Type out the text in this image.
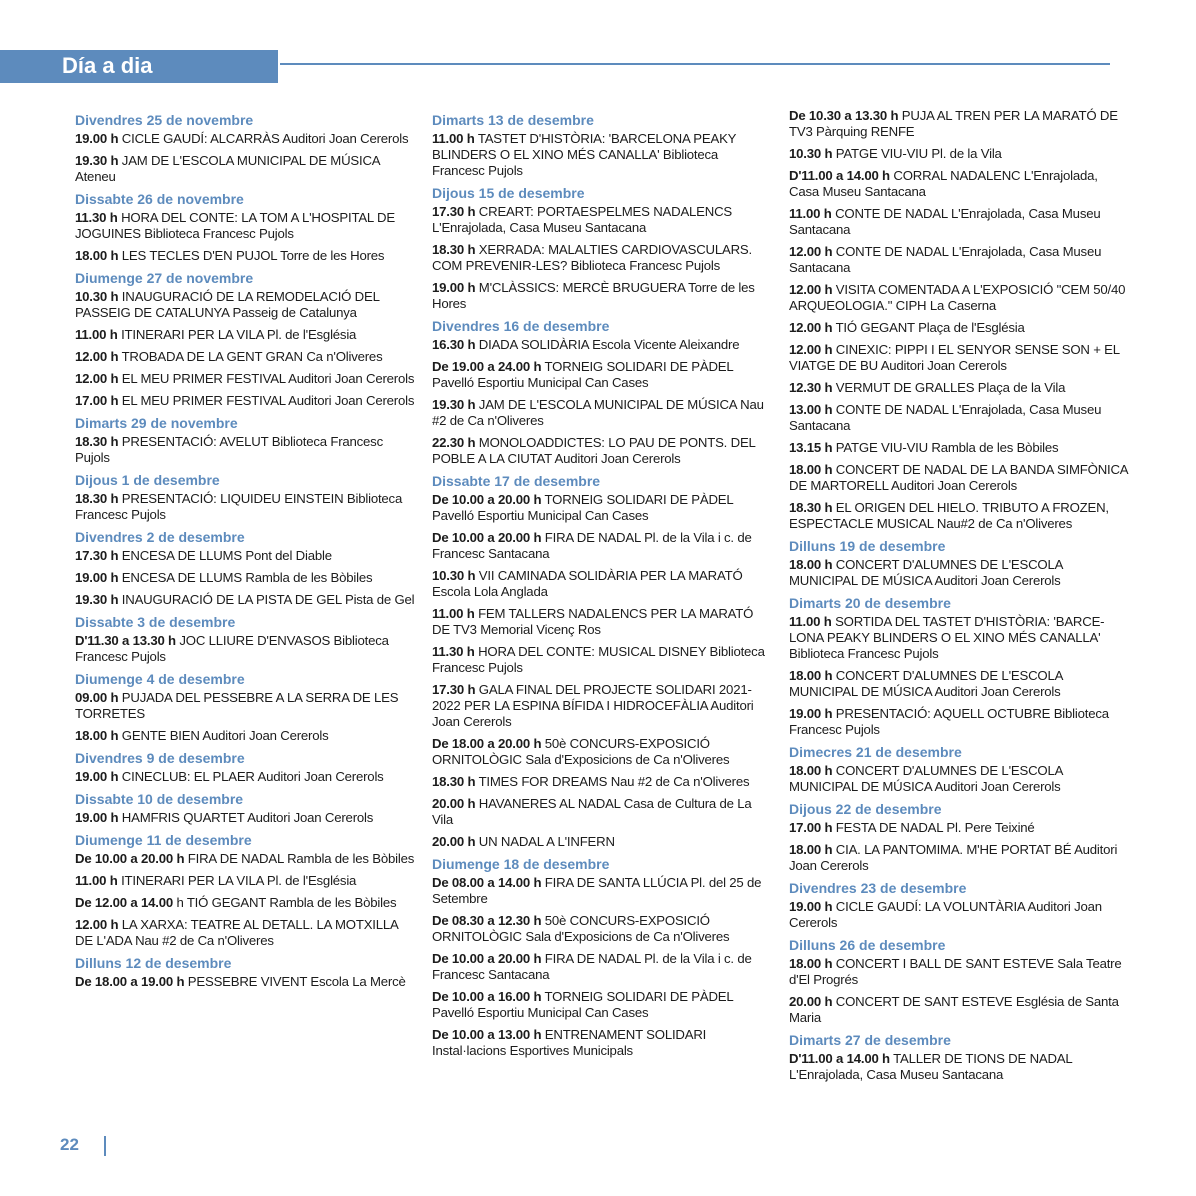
Día a dia
Divendres 25 de novembre
19.00 h CICLE GAUDÍ: ALCARRÀS Auditori Joan Cererols
19.30 h JAM DE L'ESCOLA MUNICIPAL DE MÚSICA Ateneu
Dissabte 26 de novembre
11.30 h HORA DEL CONTE: LA TOM A L'HOSPITAL DE JOGUINES Biblioteca Francesc Pujols
18.00 h LES TECLES D'EN PUJOL Torre de les Hores
Diumenge 27 de novembre
10.30 h INAUGURACIÓ DE LA REMODELACIÓ DEL PASSEIG DE CATALUNYA Passeig de Catalunya
11.00 h ITINERARI PER LA VILA Pl. de l'Església
12.00 h TROBADA DE LA GENT GRAN Ca n'Oliveres
12.00 h EL MEU PRIMER FESTIVAL Auditori Joan Cererols
17.00 h EL MEU PRIMER FESTIVAL Auditori Joan Cererols
Dimarts 29 de novembre
18.30 h PRESENTACIÓ: AVELUT Biblioteca Francesc Pujols
Dijous 1 de desembre
18.30 h PRESENTACIÓ: LIQUIDEU EINSTEIN Biblioteca Francesc Pujols
Divendres 2 de desembre
17.30 h ENCESA DE LLUMS Pont del Diable
19.00 h ENCESA DE LLUMS Rambla de les Bòbiles
19.30 h INAUGURACIÓ DE LA PISTA DE GEL Pista de Gel
Dissabte 3 de desembre
D'11.30 a 13.30 h JOC LLIURE D'ENVASOS Biblioteca Francesc Pujols
Diumenge 4 de desembre
09.00 h PUJADA DEL PESSEBRE A LA SERRA DE LES TORRETES
18.00 h GENTE BIEN Auditori Joan Cererols
Divendres 9 de desembre
19.00 h CINECLUB: EL PLAER Auditori Joan Cererols
Dissabte 10 de desembre
19.00 h HAMFRIS QUARTET Auditori Joan Cererols
Diumenge 11 de desembre
De 10.00 a 20.00 h FIRA DE NADAL Rambla de les Bòbiles
11.00 h ITINERARI PER LA VILA Pl. de l'Església
De 12.00 a 14.00 h TIÓ GEGANT Rambla de les Bòbiles
12.00 h LA XARXA: TEATRE AL DETALL. LA MOTXILLA DE L'ADA Nau #2 de Ca n'Oliveres
Dilluns 12 de desembre
De 18.00 a 19.00 h PESSEBRE VIVENT Escola La Mercè
Dimarts 13 de desembre
11.00 h TASTET D'HISTÒRIA: 'BARCELONA PEAKY BLINDERS O EL XINO MÉS CANALLA' Biblioteca Francesc Pujols
Dijous 15 de desembre
17.30 h CREART: PORTAESPELMES NADALENCS L'Enrajolada, Casa Museu Santacana
18.30 h XERRADA: MALALTIES CARDIOVASCULARS. COM PREVENIR-LES? Biblioteca Francesc Pujols
19.00 h M'CLÀSSICS: MERCÈ BRUGUERA Torre de les Hores
Divendres 16 de desembre
16.30 h DIADA SOLIDÀRIA Escola Vicente Aleixandre
De 19.00 a 24.00 h TORNEIG SOLIDARI DE PÀDEL Pavelló Esportiu Municipal Can Cases
19.30 h JAM DE L'ESCOLA MUNICIPAL DE MÚSICA Nau #2 de Ca n'Oliveres
22.30 h MONOLOADDICTES: LO PAU DE PONTS. DEL POBLE A LA CIUTAT Auditori Joan Cererols
Dissabte 17 de desembre
De 10.00 a 20.00 h TORNEIG SOLIDARI DE PÀDEL Pavelló Esportiu Municipal Can Cases
De 10.00 a 20.00 h FIRA DE NADAL Pl. de la Vila i c. de Francesc Santacana
10.30 h VII CAMINADA SOLIDÀRIA PER LA MARATÓ Escola Lola Anglada
11.00 h FEM TALLERS NADALENCS PER LA MARATÓ DE TV3 Memorial Vicenç Ros
11.30 h HORA DEL CONTE: MUSICAL DISNEY Biblioteca Francesc Pujols
17.30 h GALA FINAL DEL PROJECTE SOLIDARI 2021-2022 PER LA ESPINA BÍFIDA I HIDROCEFÀLIA Auditori Joan Cererols
De 18.00 a 20.00 h 50è CONCURS-EXPOSICIÓ ORNITOLÒGIC Sala d'Exposicions de Ca n'Oliveres
18.30 h TIMES FOR DREAMS Nau #2 de Ca n'Oliveres
20.00 h HAVANERES AL NADAL Casa de Cultura de La Vila
20.00 h UN NADAL A L'INFERN
Diumenge 18 de desembre
De 08.00 a 14.00 h FIRA DE SANTA LLÚCIA Pl. del 25 de Setembre
De 08.30 a 12.30 h 50è CONCURS-EXPOSICIÓ ORNITOLÒGIC Sala d'Exposicions de Ca n'Oliveres
De 10.00 a 20.00 h FIRA DE NADAL Pl. de la Vila i c. de Francesc Santacana
De 10.00 a 16.00 h TORNEIG SOLIDARI DE PÀDEL Pavelló Esportiu Municipal Can Cases
De 10.00 a 13.00 h ENTRENAMENT SOLIDARI Instal·lacions Esportives Municipals
De 10.30 a 13.30 h PUJA AL TREN PER LA MARATÓ DE TV3 Pàrquing RENFE
10.30 h PATGE VIU-VIU Pl. de la Vila
D'11.00 a 14.00 h CORRAL NADALENC L'Enrajolada, Casa Museu Santacana
11.00 h CONTE DE NADAL L'Enrajolada, Casa Museu Santacana
12.00 h CONTE DE NADAL L'Enrajolada, Casa Museu Santacana
12.00 h VISITA COMENTADA A L'EXPOSICIÓ "CEM 50/40 ARQUEOLOGIA." CIPH La Caserna
12.00 h TIÓ GEGANT Plaça de l'Església
12.00 h CINEXIC: PIPPI I EL SENYOR SENSE SON + EL VIATGE DE BU Auditori Joan Cererols
12.30 h VERMUT DE GRALLES Plaça de la Vila
13.00 h CONTE DE NADAL L'Enrajolada, Casa Museu Santacana
13.15 h PATGE VIU-VIU Rambla de les Bòbiles
18.00 h CONCERT DE NADAL DE LA BANDA SIMFÒNICA DE MARTORELL Auditori Joan Cererols
18.30 h EL ORIGEN DEL HIELO. TRIBUTO A FROZEN, ESPECTACLE MUSICAL Nau#2 de Ca n'Oliveres
Dilluns 19 de desembre
18.00 h CONCERT D'ALUMNES DE L'ESCOLA MUNICIPAL DE MÚSICA Auditori Joan Cererols
Dimarts 20 de desembre
11.00 h SORTIDA DEL TASTET D'HISTÒRIA: 'BARCE-LONA PEAKY BLINDERS O EL XINO MÉS CANALLA' Biblioteca Francesc Pujols
18.00 h CONCERT D'ALUMNES DE L'ESCOLA MUNICIPAL DE MÚSICA Auditori Joan Cererols
19.00 h PRESENTACIÓ: AQUELL OCTUBRE Biblioteca Francesc Pujols
Dimecres 21 de desembre
18.00 h CONCERT D'ALUMNES DE L'ESCOLA MUNICIPAL DE MÚSICA Auditori Joan Cererols
Dijous 22 de desembre
17.00 h FESTA DE NADAL Pl. Pere Teixiné
18.00 h CIA. LA PANTOMIMA. M'HE PORTAT BÉ Auditori Joan Cererols
Divendres 23 de desembre
19.00 h CICLE GAUDÍ: LA VOLUNTÀRIA Auditori Joan Cererols
Dilluns 26 de desembre
18.00 h CONCERT I BALL DE SANT ESTEVE Sala Teatre d'El Progrés
20.00 h CONCERT DE SANT ESTEVE Església de Santa Maria
Dimarts 27 de desembre
D'11.00 a 14.00 h TALLER DE TIONS DE NADAL L'Enrajolada, Casa Museu Santacana
22
